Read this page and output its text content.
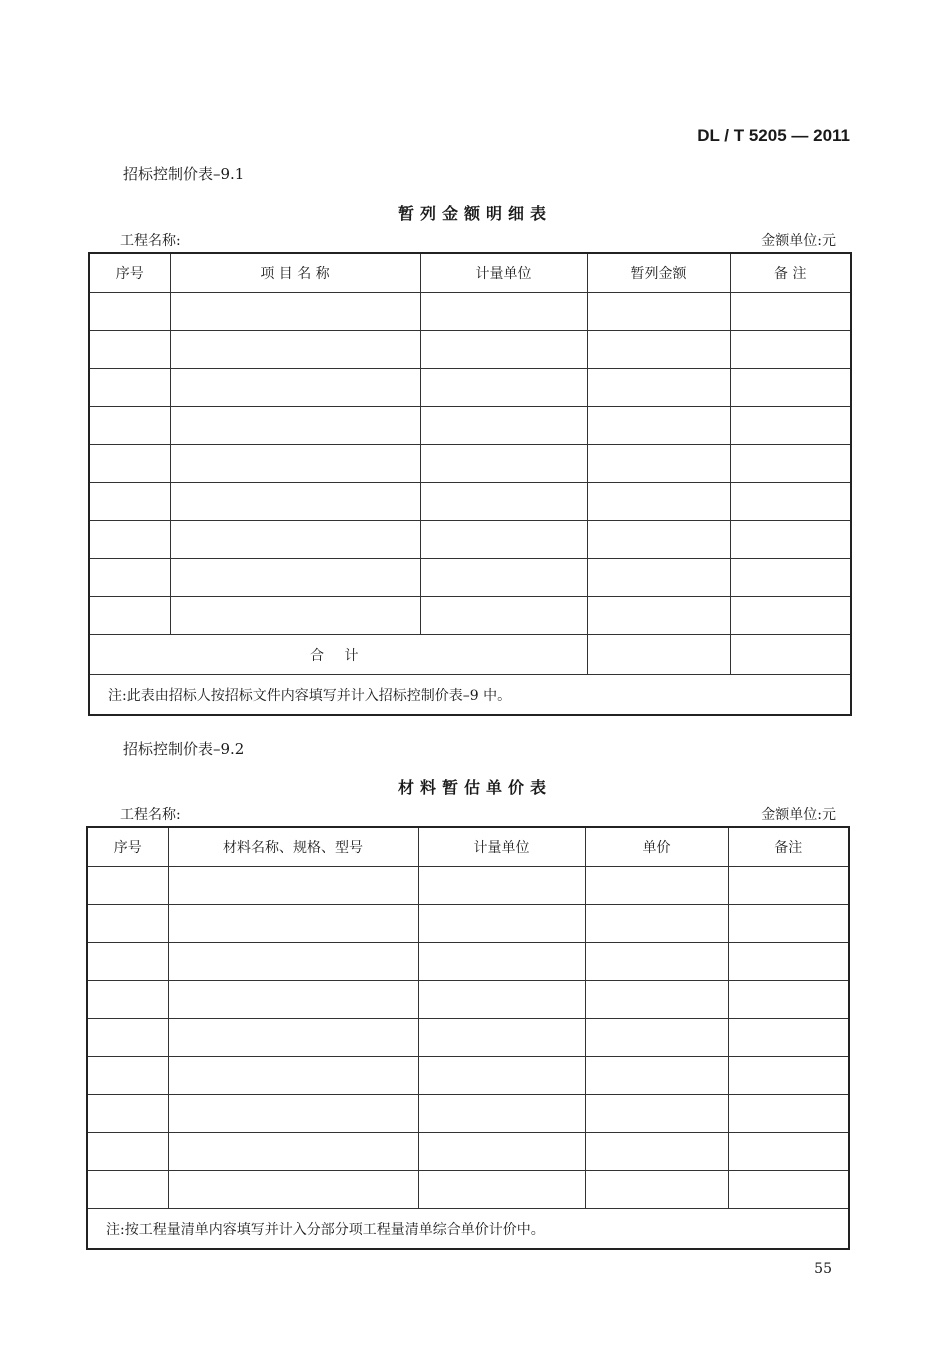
DL / T 5205 — 2011
招标控制价表–9.1
暂列金额明细表
工程名称:	金额单位:元
序号	项 目 名 称	计量单位	暂列金额	备 注

合 计				
注:此表由招标人按招标文件内容填写并计入招标控制价表–9 中。				
招标控制价表–9.2
材料暂估单价表
工程名称:	金额单位:元
序号	材料名称、规格、型号	计量单位	单价	备注

注:按工程量清单内容填写并计入分部分项工程量清单综合单价计价中。				
55
